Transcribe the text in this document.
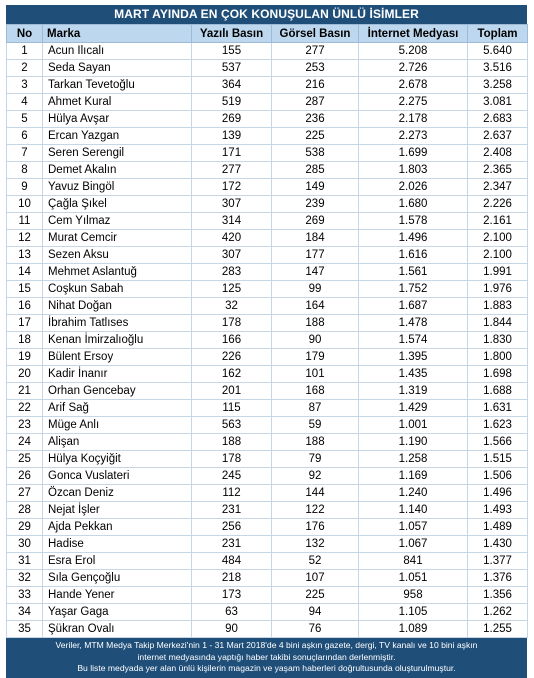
MART AYINDA EN ÇOK KONUŞULAN ÜNLÜ İSİMLER
No	Marka	Yazılı Basın	Görsel Basın	İnternet Medyası	Toplam
1	Acun Ilıcalı	155	277	5.208	5.640
2	Seda Sayan	537	253	2.726	3.516
3	Tarkan Tevetoğlu	364	216	2.678	3.258
4	Ahmet Kural	519	287	2.275	3.081
5	Hülya Avşar	269	236	2.178	2.683
6	Ercan Yazgan	139	225	2.273	2.637
7	Seren Serengil	171	538	1.699	2.408
8	Demet Akalın	277	285	1.803	2.365
9	Yavuz Bingöl	172	149	2.026	2.347
10	Çağla Şıkel	307	239	1.680	2.226
11	Cem Yılmaz	314	269	1.578	2.161
12	Murat Cemcir	420	184	1.496	2.100
13	Sezen Aksu	307	177	1.616	2.100
14	Mehmet Aslantuğ	283	147	1.561	1.991
15	Coşkun Sabah	125	99	1.752	1.976
16	Nihat Doğan	32	164	1.687	1.883
17	İbrahim Tatlıses	178	188	1.478	1.844
18	Kenan İmirzalıoğlu	166	90	1.574	1.830
19	Bülent Ersoy	226	179	1.395	1.800
20	Kadir İnanır	162	101	1.435	1.698
21	Orhan Gencebay	201	168	1.319	1.688
22	Arif Sağ	115	87	1.429	1.631
23	Müge Anlı	563	59	1.001	1.623
24	Alişan	188	188	1.190	1.566
25	Hülya Koçyiğit	178	79	1.258	1.515
26	Gonca Vuslateri	245	92	1.169	1.506
27	Özcan Deniz	112	144	1.240	1.496
28	Nejat İşler	231	122	1.140	1.493
29	Ajda Pekkan	256	176	1.057	1.489
30	Hadise	231	132	1.067	1.430
31	Esra Erol	484	52	841	1.377
32	Sıla Gençoğlu	218	107	1.051	1.376
33	Hande Yener	173	225	958	1.356
34	Yaşar Gaga	63	94	1.105	1.262
35	Şükran Ovalı	90	76	1.089	1.255
Veriler, MTM Medya Takip Merkezi'nin 1 - 31 Mart 2018'de 4 bini aşkın gazete, dergi, TV kanalı ve 10 bini aşkın
internet medyasında yaptığı haber takibi sonuçlarından derlenmiştir.
Bu liste medyada yer alan ünlü kişilerin magazin ve yaşam haberleri doğrultusunda oluşturulmuştur.
